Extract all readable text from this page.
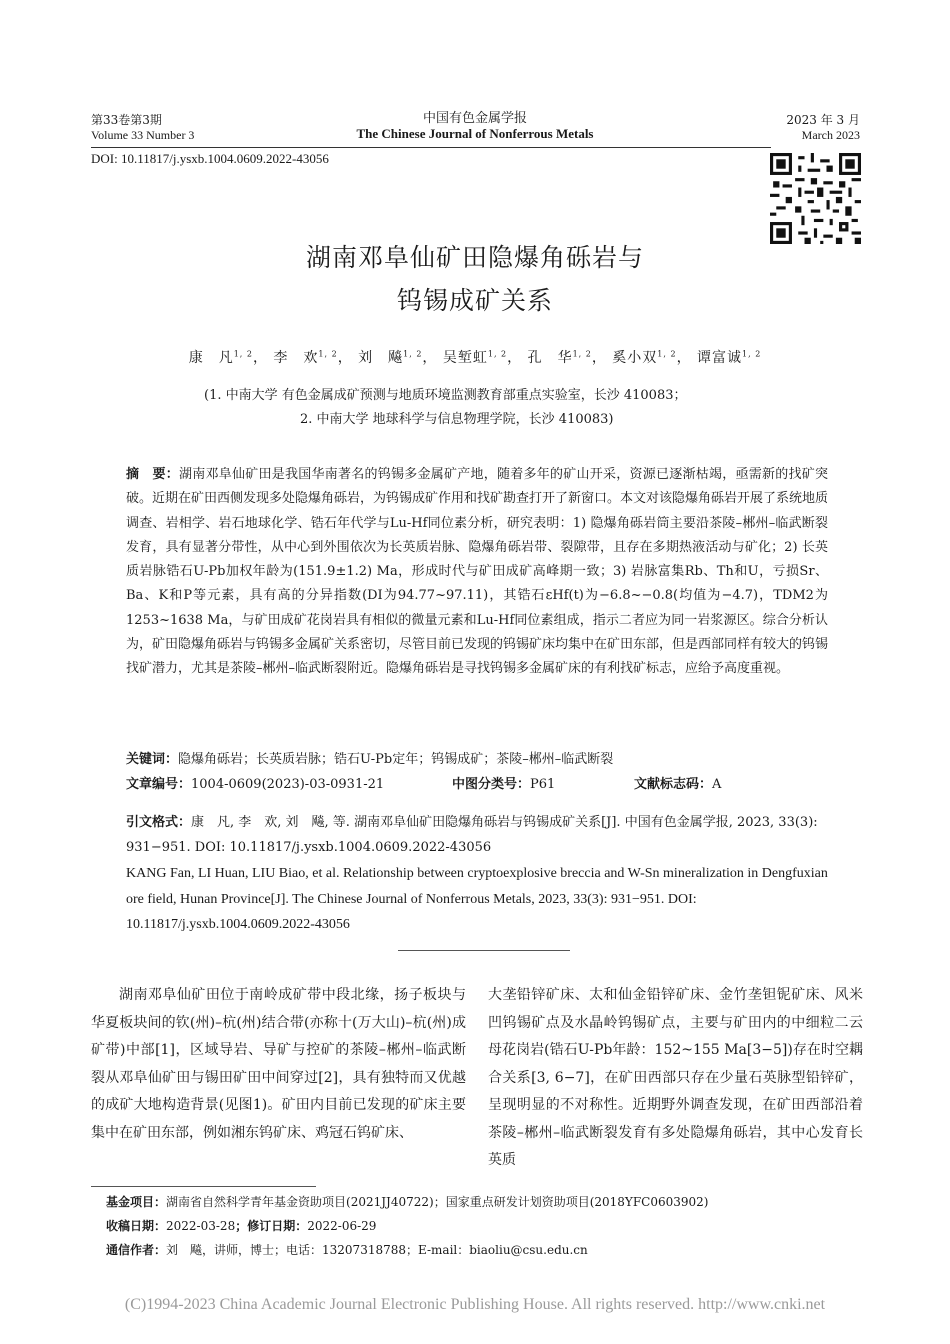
第33卷第3期
Volume 33 Number 3
中国有色金属学报
The Chinese Journal of Nonferrous Metals
2023 年 3 月
March 2023
DOI: 10.11817/j.ysxb.1004.0609.2022-43056
湖南邓阜仙矿田隐爆角砾岩与
钨锡成矿关系
康　凡$^{1, 2}$， 李　欢$^{1, 2}$， 刘　飚$^{1, 2}$， 吴堑虹$^{1, 2}$， 孔　华$^{1, 2}$， 奚小双$^{1, 2}$， 谭富诚$^{1, 2}$
(1. 中南大学 有色金属成矿预测与地质环境监测教育部重点实验室，长沙 410083；
2. 中南大学 地球科学与信息物理学院，长沙 410083)
摘　要：湖南邓阜仙矿田是我国华南著名的钨锡多金属矿产地，随着多年的矿山开采，资源已逐渐枯竭，亟需新的找矿突破。近期在矿田西侧发现多处隐爆角砾岩，为钨锡成矿作用和找矿勘查打开了新窗口。本文对该隐爆角砾岩开展了系统地质调查、岩相学、岩石地球化学、锆石年代学与Lu-Hf同位素分析，研究表明：1) 隐爆角砾岩筒主要沿茶陵–郴州–临武断裂发育，具有显著分带性，从中心到外围依次为长英质岩脉、隐爆角砾岩带、裂隙带，且存在多期热液活动与矿化；2) 长英质岩脉锆石U-Pb加权年龄为(151.9±1.2) Ma，形成时代与矿田成矿高峰期一致；3) 岩脉富集Rb、Th和U，亏损Sr、Ba、K和P等元素，具有高的分异指数(DI为94.77~97.11)，其锆石εHf(t)为−6.8~−0.8(均值为−4.7)，TDM2为1253~1638 Ma，与矿田成矿花岗岩具有相似的微量元素和Lu-Hf同位素组成，指示二者应为同一岩浆源区。综合分析认为，矿田隐爆角砾岩与钨锡多金属矿关系密切，尽管目前已发现的钨锡矿床均集中在矿田东部，但是西部同样有较大的钨锡找矿潜力，尤其是茶陵–郴州–临武断裂附近。隐爆角砾岩是寻找钨锡多金属矿床的有利找矿标志，应给予高度重视。
关键词：隐爆角砾岩；长英质岩脉；锆石U-Pb定年；钨锡成矿；茶陵–郴州–临武断裂
文章编号：1004-0609(2023)-03-0931-21	中图分类号：P61	文献标志码：A
引文格式：康　凡, 李　欢, 刘　飚, 等. 湖南邓阜仙矿田隐爆角砾岩与钨锡成矿关系[J]. 中国有色金属学报, 2023, 33(3): 931−951. DOI: 10.11817/j.ysxb.1004.0609.2022-43056
KANG Fan, LI Huan, LIU Biao, et al. Relationship between cryptoexplosive breccia and W-Sn mineralization in Dengfuxian ore field, Hunan Province[J]. The Chinese Journal of Nonferrous Metals, 2023, 33(3): 931−951. DOI: 10.11817/j.ysxb.1004.0609.2022-43056
湖南邓阜仙矿田位于南岭成矿带中段北缘，扬子板块与华夏板块间的钦(州)–杭(州)结合带(亦称十(万大山)–杭(州)成矿带)中部[1]，区域导岩、导矿与控矿的茶陵–郴州–临武断裂从邓阜仙矿田与锡田矿田中间穿过[2]，具有独特而又优越的成矿大地构造背景(见图1)。矿田内目前已发现的矿床主要集中在矿田东部，例如湘东钨矿床、鸡冠石钨矿床、
大垄铅锌矿床、太和仙金铅锌矿床、金竹垄钽铌矿床、风米凹钨锡矿点及水晶岭钨锡矿点，主要与矿田内的中细粒二云母花岗岩(锆石U-Pb年龄：152~155 Ma[3−5])存在时空耦合关系[3, 6−7]，在矿田西部只存在少量石英脉型铅锌矿，呈现明显的不对称性。近期野外调查发现，在矿田西部沿着茶陵–郴州–临武断裂发育有多处隐爆角砾岩，其中心发育长英质
基金项目：湖南省自然科学青年基金资助项目(2021JJ40722)；国家重点研发计划资助项目(2018YFC0603902)
收稿日期：2022-03-28；修订日期：2022-06-29
通信作者：刘　飚，讲师，博士；电话：13207318788；E-mail：biaoliu@csu.edu.cn
(C)1994-2023 China Academic Journal Electronic Publishing House. All rights reserved. http://www.cnki.net
